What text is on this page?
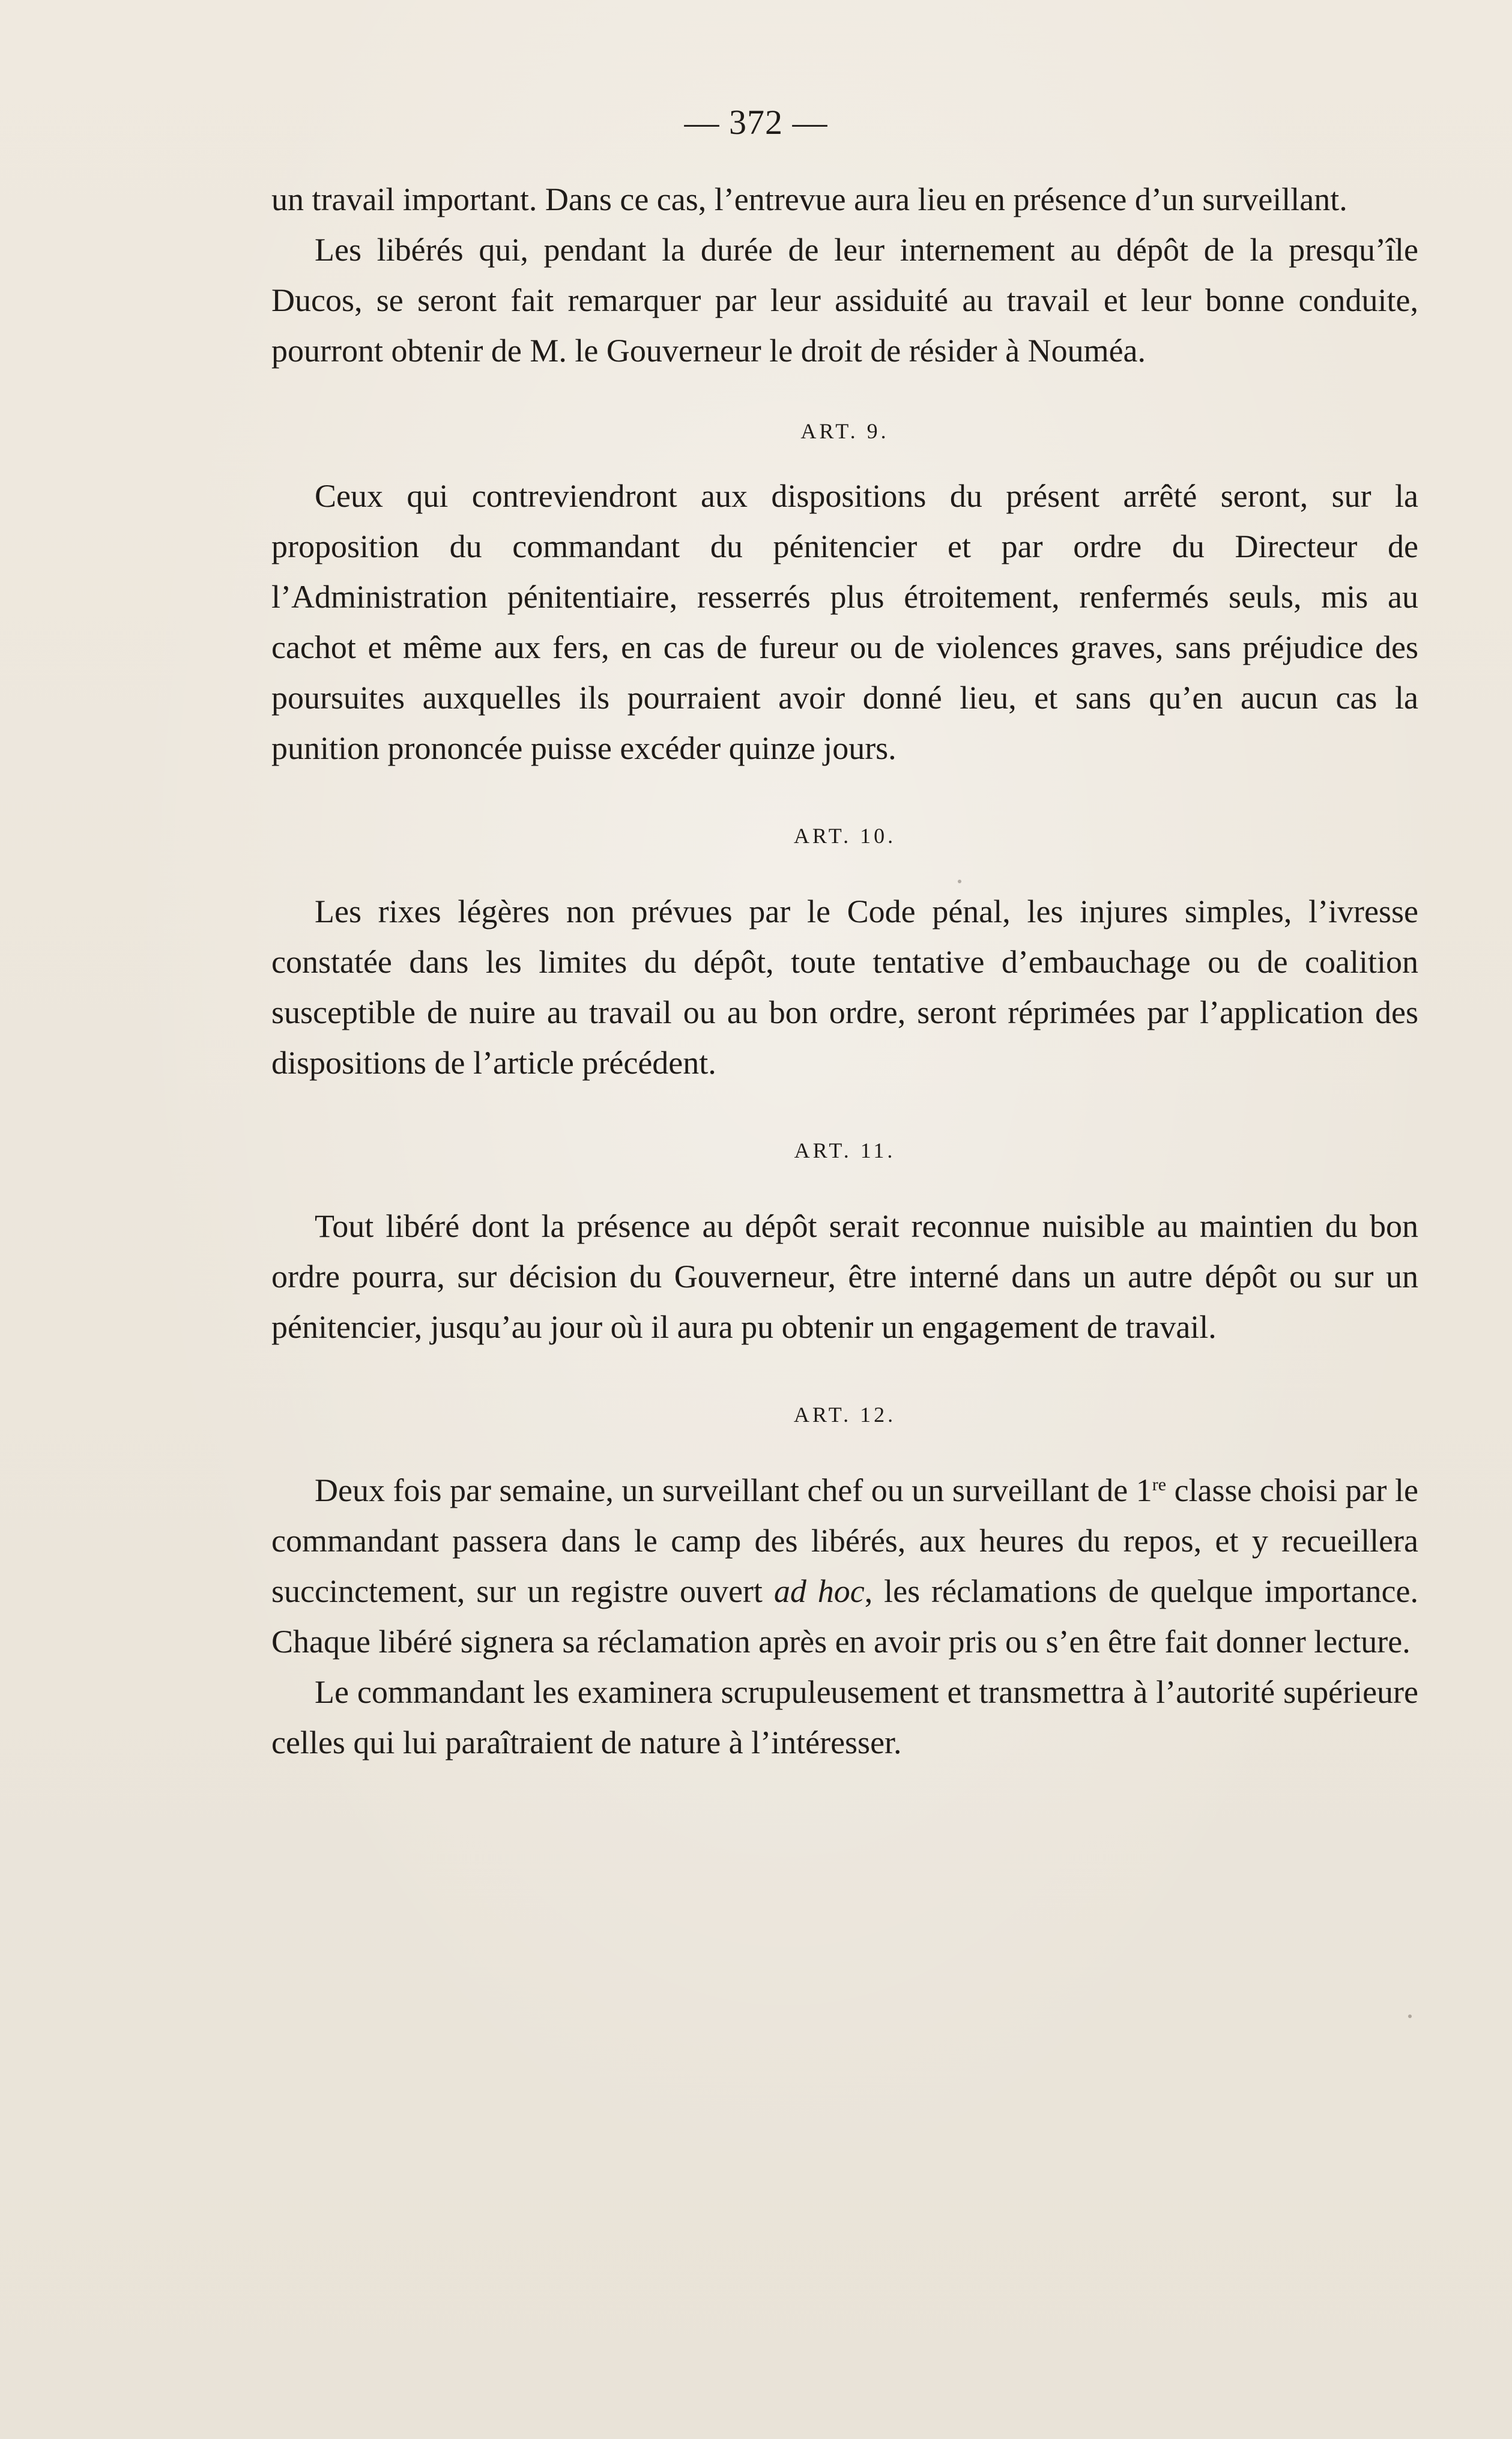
— 372 —

un travail important. Dans ce cas, l’entrevue aura lieu en présence d’un surveillant.

Les libérés qui, pendant la durée de leur internement au dépôt de la presqu’île Ducos, se seront fait remarquer par leur assiduité au travail et leur bonne conduite, pourront obtenir de M. le Gouverneur le droit de résider à Nouméa.

ART. 9.

Ceux qui contreviendront aux dispositions du présent arrêté seront, sur la proposition du commandant du pénitencier et par ordre du Directeur de l’Administration pénitentiaire, resserrés plus étroitement, renfermés seuls, mis au cachot et même aux fers, en cas de fureur ou de violences graves, sans préjudice des poursuites auxquelles ils pourraient avoir donné lieu, et sans qu’en aucun cas la punition prononcée puisse excéder quinze jours.

ART. 10.

Les rixes légères non prévues par le Code pénal, les injures simples, l’ivresse constatée dans les limites du dépôt, toute tentative d’embauchage ou de coalition susceptible de nuire au travail ou au bon ordre, seront réprimées par l’application des dispositions de l’article précédent.

ART. 11.

Tout libéré dont la présence au dépôt serait reconnue nuisible au maintien du bon ordre pourra, sur décision du Gouverneur, être interné dans un autre dépôt ou sur un pénitencier, jusqu’au jour où il aura pu obtenir un engagement de travail.

ART. 12.

Deux fois par semaine, un surveillant chef ou un surveillant de 1re classe choisi par le commandant passera dans le camp des libérés, aux heures du repos, et y recueillera succinctement, sur un registre ouvert ad hoc, les réclamations de quelque importance. Chaque libéré signera sa réclamation après en avoir pris ou s’en être fait donner lecture.

Le commandant les examinera scrupuleusement et transmettra à l’autorité supérieure celles qui lui paraîtraient de nature à l’intéresser.
